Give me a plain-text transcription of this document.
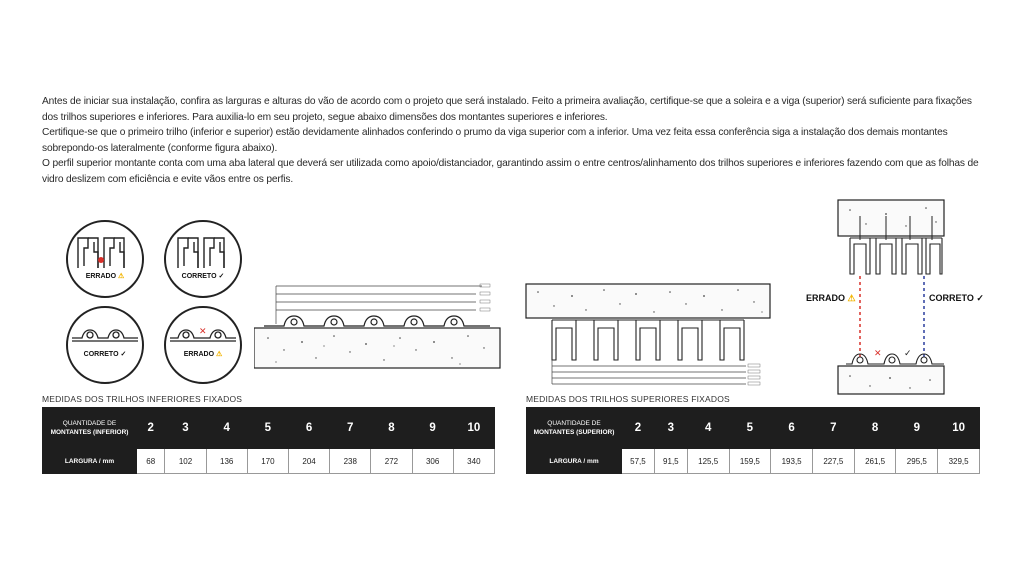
Antes de iniciar sua instalação, confira as larguras e alturas do vão de acordo com o projeto que será instalado. Feito a primeira avaliação, certifique-se que a soleira e a viga (superior) será suficiente para fixações dos trilhos superiores e inferiores. Para auxilia-lo em seu projeto, segue abaixo dimensões dos montantes superiores e inferiores.

Certifique-se que o primeiro trilho (inferior e superior) estão devidamente alinhados conferindo o prumo da viga superior com a inferior. Uma vez feita essa conferência siga a instalação dos demais montantes sobrepondo-os lateralmente (conforme figura abaixo).

O perfil superior montante conta com uma aba lateral que deverá ser utilizada como apoio/distanciador, garantindo assim o entre centros/alinhamento dos trilhos superiores e inferiores fazendo com que as folhas de vidro deslizem com eficiência e evite vãos entre os perfis.

ERRADO ⚠	CORRETO ✓
CORRETO ✓
✕
ERRADO ⚠	✕ ✓
ERRADO ⚠	CORRETO ✓
MEDIDAS DOS TRILHOS INFERIORES FIXADOS
QUANTIDADE DE
MONTANTES (INFERIOR)	2	3	4	5	6	7	8	9	10
LARGURA / mm	68	102	136	170	204	238	272	306	340
MEDIDAS DOS TRILHOS SUPERIORES FIXADOS
QUANTIDADE DE
MONTANTES (SUPERIOR)	2	3	4	5	6	7	8	9	10
LARGURA / mm	57,5	91,5	125,5	159,5	193,5	227,5	261,5	295,5	329,5
